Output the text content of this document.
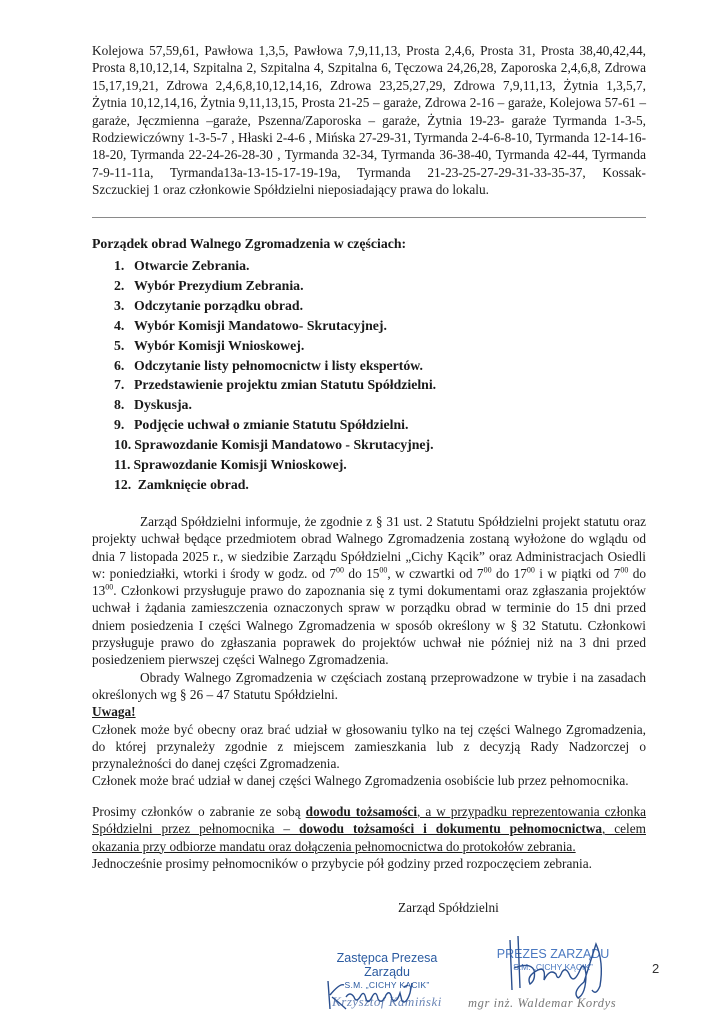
Kolejowa 57,59,61, Pawłowa 1,3,5, Pawłowa 7,9,11,13, Prosta 2,4,6, Prosta 31, Prosta 38,40,42,44, Prosta 8,10,12,14, Szpitalna 2, Szpitalna 4, Szpitalna 6, Tęczowa 24,26,28, Zaporoska 2,4,6,8, Zdrowa 15,17,19,21, Zdrowa 2,4,6,8,10,12,14,16, Zdrowa 23,25,27,29, Zdrowa 7,9,11,13, Żytnia 1,3,5,7, Żytnia 10,12,14,16, Żytnia 9,11,13,15, Prosta 21-25 – garaże, Zdrowa 2-16 – garaże, Kolejowa 57-61 –garaże, Jęczmienna –garaże, Pszenna/Zaporoska – garaże, Żytnia 19-23- garaże Tyrmanda 1-3-5, Rodziewiczówny 1-3-5-7 , Hłaski 2-4-6 , Mińska 27-29-31, Tyrmanda 2-4-6-8-10, Tyrmanda 12-14-16-18-20, Tyrmanda 22-24-26-28-30 , Tyrmanda 32-34, Tyrmanda 36-38-40, Tyrmanda 42-44, Tyrmanda 7-9-11-11a, Tyrmanda13a-13-15-17-19-19a, Tyrmanda 21-23-25-27-29-31-33-35-37, Kossak-Szczuckiej 1 oraz członkowie Spółdzielni nieposiadający prawa do lokalu.
Porządek obrad Walnego Zgromadzenia w częściach:
1. Otwarcie Zebrania.
2. Wybór Prezydium Zebrania.
3. Odczytanie porządku obrad.
4. Wybór Komisji Mandatowo- Skrutacyjnej.
5. Wybór Komisji Wnioskowej.
6. Odczytanie listy pełnomocnictw i listy ekspertów.
7. Przedstawienie projektu zmian Statutu Spółdzielni.
8. Dyskusja.
9. Podjęcie uchwał o zmianie Statutu Spółdzielni.
10. Sprawozdanie Komisji Mandatowo - Skrutacyjnej.
11. Sprawozdanie Komisji Wnioskowej.
12. Zamknięcie obrad.

Zarząd Spółdzielni informuje, że zgodnie z § 31 ust. 2 Statutu Spółdzielni projekt statutu oraz projekty uchwał będące przedmiotem obrad Walnego Zgromadzenia zostaną wyłożone do wglądu od dnia 7 listopada 2025 r., w siedzibie Zarządu Spółdzielni „Cichy Kącik” oraz Administracjach Osiedli w: poniedziałki, wtorki i środy w godz. od $7^{00}$ do $15^{00}$, w czwartki od $7^{00}$ do $17^{00}$ i w piątki od $7^{00}$ do $13^{00}$. Członkowi przysługuje prawo do zapoznania się z tymi dokumentami oraz zgłaszania projektów uchwał i żądania zamieszczenia oznaczonych spraw w porządku obrad w terminie do 15 dni przed dniem posiedzenia I części Walnego Zgromadzenia w sposób określony w § 32 Statutu. Członkowi przysługuje prawo do zgłaszania poprawek do projektów uchwał nie później niż na 3 dni przed posiedzeniem pierwszej części Walnego Zgromadzenia.

Obrady Walnego Zgromadzenia w częściach zostaną przeprowadzone w trybie i na zasadach określonych wg § 26 – 47 Statutu Spółdzielni.

Uwaga!

Członek może być obecny oraz brać udział w głosowaniu tylko na tej części Walnego Zgromadzenia, do której przynależy zgodnie z miejscem zamieszkania lub z decyzją Rady Nadzorczej o przynależności do danej części Zgromadzenia.

Członek może brać udział w danej części Walnego Zgromadzenia osobiście lub przez pełnomocnika.

Prosimy członków o zabranie ze sobą dowodu tożsamości, a w przypadku reprezentowania członka Spółdzielni przez pełnomocnika – dowodu tożsamości i dokumentu pełnomocnictwa, celem okazania przy odbiorze mandatu oraz dołączenia pełnomocnictwa do protokołów zebrania.

Jednocześnie prosimy pełnomocników o przybycie pół godziny przed rozpoczęciem zebrania.

Zarząd Spółdzielni
Zastępca Prezesa Zarządu
S.M. „CICHY KĄCIK”
Krzysztof Kamiński
PREZES ZARZĄDU
S.M. „CICHY KĄCIK”
mgr inż. Waldemar Kordys
2
